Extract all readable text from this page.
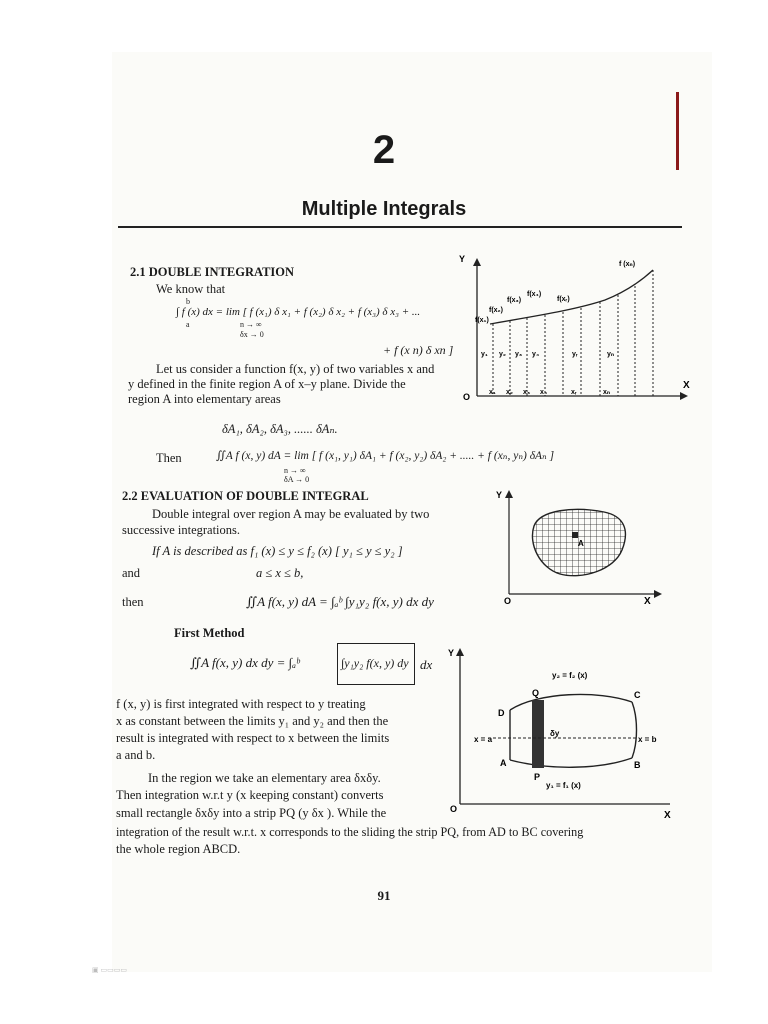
2
Multiple Integrals
2.1 DOUBLE INTEGRATION
We know that
∫ f (x) dx = lim [ f (x₁) δ x₁ + f (x₂) δ x₂ + f (x₃) δ x₃ + ...
a
b
n → ∞
δx → 0
+ f (x n) δ xn ]
Let us consider a function f(x, y) of two variables x and
y defined in the finite region A of x–y plane. Divide the
region A into elementary areas
δA₁, δA₂, δA₃, ...... δAₙ.
Then	∬A f (x, y) dA = lim [ f (x₁, y₁) δA₁ + f (x₂, y₂) δA₂ + ..... + f (xₙ, yₙ) δAₙ ]
n → ∞
δA → 0
Y
X
O
f(x₁)
f(x₂)
f(x₃)
f(x₄)
f(xᵣ)
f (xₙ)
y₁ y₂ y₃ y₄	yᵣ	yₙ
x₁ x₂ x₃ x₄	xᵣ	xₙ
2.2 EVALUATION OF DOUBLE INTEGRAL
Double integral over region A may be evaluated by two
successive integrations.
If A is described as f₁ (x) ≤ y ≤ f₂ (x) [ y₁ ≤ y ≤ y₂ ]
and	a ≤ x ≤ b,
then	∬A f(x, y) dA = ∫ₐᵇ ∫y₁y₂ f(x, y) dx dy
First Method
∬A f(x, y) dx dy = ∫ₐᵇ	∫y₁y₂ f(x, y) dy dx
f (x, y) is first integrated with respect to y treating
x as constant between the limits y₁ and y₂ and then the
result is integrated with respect to x between the limits
a and b.
In the region we take an elementary area δxδy.
Then integration w.r.t y (x keeping constant) converts
small rectangle δxδy into a strip PQ (y δx ). While the
integration of the result w.r.t. x corresponds to the sliding the strip PQ, from AD to BC covering
the whole region ABCD.
Y
X
O
A
y₂ = f₂ (x)
y₁ = f₁ (x)
x = a	x = b
δy
Q	C
D
A
P
B
Y
X
O
91
▣ ▭▭▭▭
